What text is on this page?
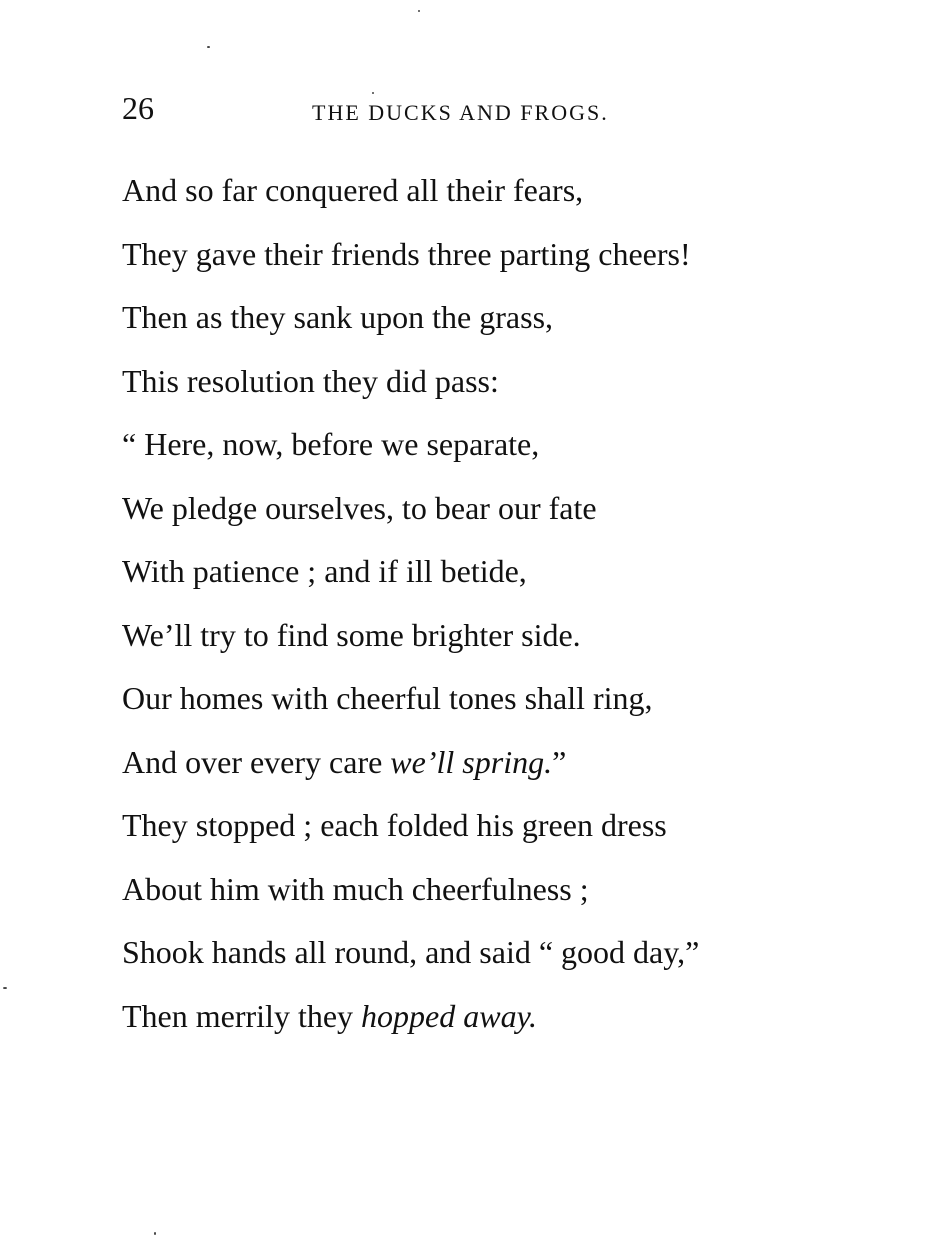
26	THE DUCKS AND FROGS.
And so far conquered all their fears,
They gave their friends three parting cheers!
Then as they sank upon the grass,
This resolution they did pass:
“ Here, now, before we separate,
We pledge ourselves, to bear our fate
With patience ; and if ill betide,
We’ll try to find some brighter side.
Our homes with cheerful tones shall ring,
And over every care we’ll spring.”
They stopped ; each folded his green dress
About him with much cheerfulness ;
Shook hands all round, and said “ good day,”
Then merrily they hopped away.
